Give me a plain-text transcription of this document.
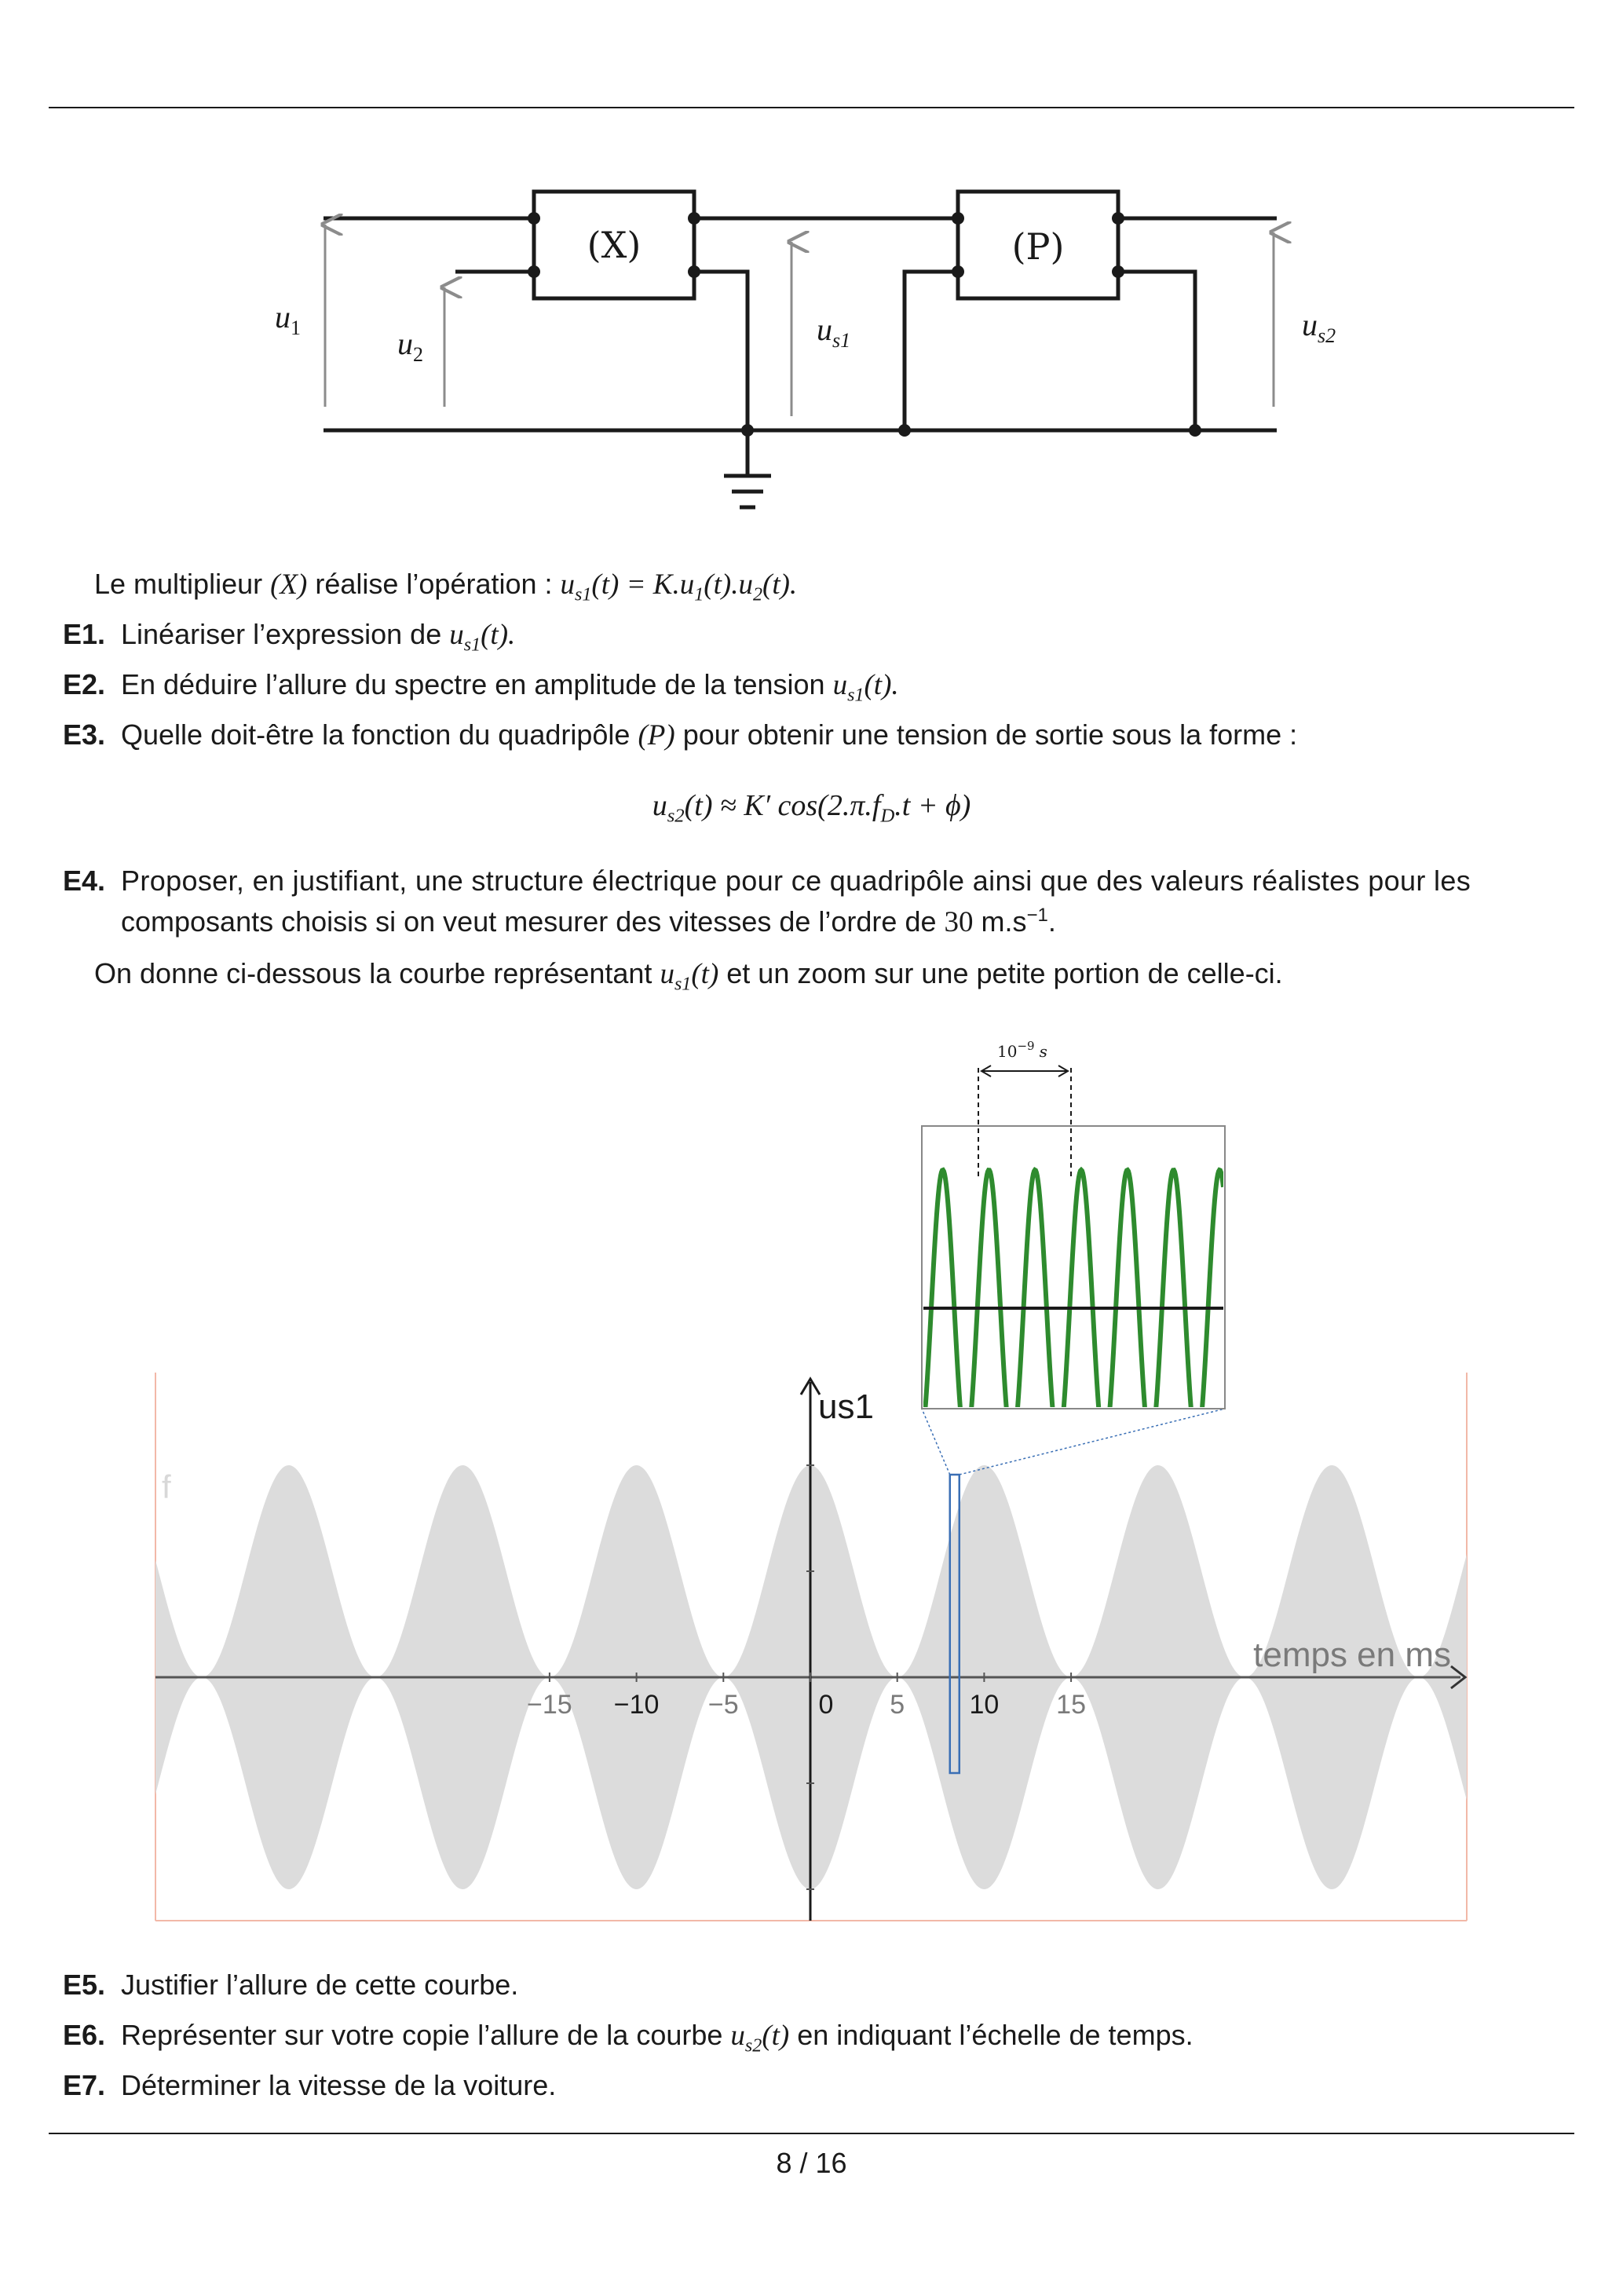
(X)	(P)
$u_1$	$u_2$
$u_{s1}$	$u_{s2}$
Le multiplieur (X) réalise l’opération : $u_{s1}(t) = K.u_1(t).u_2(t)$.
E1. Linéariser l’expression de $u_{s1}(t)$.
E2. En déduire l’allure du spectre en amplitude de la tension $u_{s1}(t)$.
E3. Quelle doit-être la fonction du quadripôle (P) pour obtenir une tension de sortie sous la forme :
$u_{s2}(t) \approx K'$ $\cos(2.\pi.f_D.t + \phi)$
E4. Proposer, en justifiant, une structure électrique pour ce quadripôle ainsi que des valeurs réalistes pour les
composants choisis si on veut mesurer des vitesses de l’ordre de 30 $m.s^{-1}$.
On donne ci-dessous la courbe représentant $u_{s1}(t)$ et un zoom sur une petite portion de celle-ci.
f
−15 −10 −5	0 5 10 15
us1
temps en ms
$10^{-9}$ s
E5. Justifier l’allure de cette courbe.
E6. Représenter sur votre copie l’allure de la courbe $u_{s2}(t)$ en indiquant l’échelle de temps.
E7. Déterminer la vitesse de la voiture.
8 / 16
